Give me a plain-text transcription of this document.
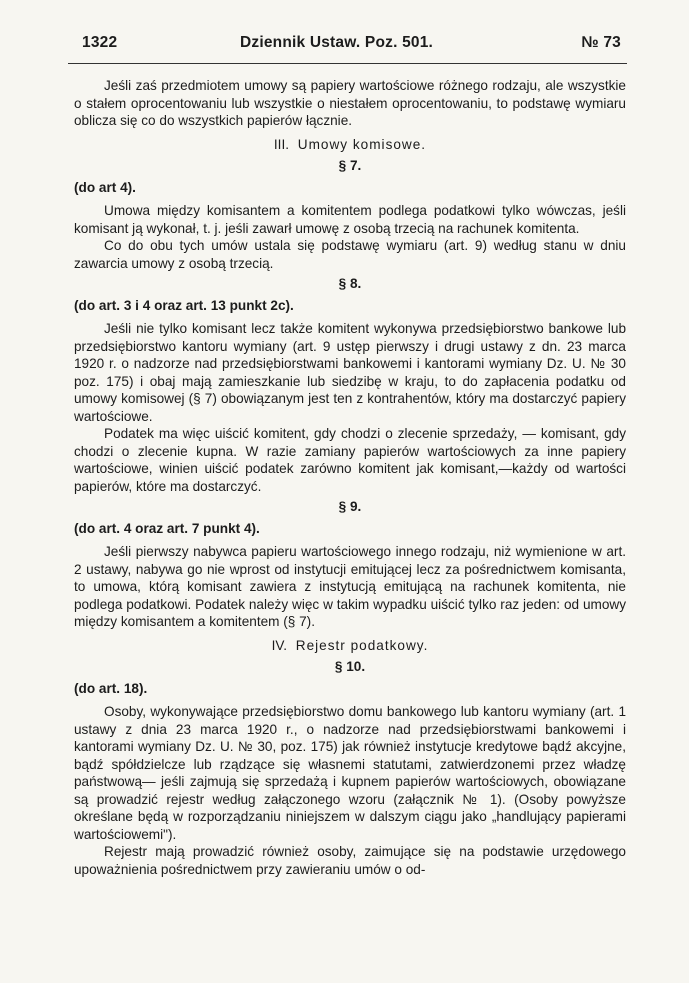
1322	Dziennik Ustaw. Poz. 501.	№ 73

Jeśli zaś przedmiotem umowy są papiery wartościowe różnego rodzaju, ale wszystkie o stałem oprocentowaniu lub wszystkie o niestałem oprocentowaniu, to podstawę wymiaru oblicza się co do wszystkich papierów łącznie.

III. Umowy komisowe.
§ 7.
(do art 4).

Umowa między komisantem a komitentem podlega podatkowi tylko wówczas, jeśli komisant ją wykonał, t. j. jeśli zawarł umowę z osobą trzecią na rachunek komitenta.

Co do obu tych umów ustala się podstawę wymiaru (art. 9) według stanu w dniu zawarcia umowy z osobą trzecią.

§ 8.
(do art. 3 i 4 oraz art. 13 punkt 2c).

Jeśli nie tylko komisant lecz także komitent wykonywa przedsiębiorstwo bankowe lub przedsiębiorstwo kantoru wymiany (art. 9 ustęp pierwszy i drugi ustawy z dn. 23 marca 1920 r. o nadzorze nad przedsiębiorstwami bankowemi i kantorami wymiany Dz. U. № 30 poz. 175) i obaj mają zamieszkanie lub siedzibę w kraju, to do zapłacenia podatku od umowy komisowej (§ 7) obowiązanym jest ten z kontrahentów, który ma dostarczyć papiery wartościowe.

Podatek ma więc uiścić komitent, gdy chodzi o zlecenie sprzedaży, — komisant, gdy chodzi o zlecenie kupna. W razie zamiany papierów wartościowych za inne papiery wartościowe, winien uiścić podatek zarówno komitent jak komisant,—każdy od wartości papierów, które ma dostarczyć.

§ 9.
(do art. 4 oraz art. 7 punkt 4).

Jeśli pierwszy nabywca papieru wartościowego innego rodzaju, niż wymienione w art. 2 ustawy, nabywa go nie wprost od instytucji emitującej lecz za pośrednictwem komisanta, to umowa, którą komisant zawiera z instytucją emitującą na rachunek komitenta, nie podlega podatkowi. Podatek należy więc w takim wypadku uiścić tylko raz jeden: od umowy między komisantem a komitentem (§ 7).

IV. Rejestr podatkowy.
§ 10.
(do art. 18).

Osoby, wykonywające przedsiębiorstwo domu bankowego lub kantoru wymiany (art. 1 ustawy z dnia 23 marca 1920 r., o nadzorze nad przedsiębiorstwami bankowemi i kantorami wymiany Dz. U. № 30, poz. 175) jak również instytucje kredytowe bądź akcyjne, bądź spółdzielcze lub rządzące się własnemi statutami, zatwierdzonemi przez władzę państwową— jeśli zajmują się sprzedażą i kupnem papierów wartościowych, obowiązane są prowadzić rejestr według załączonego wzoru (załącznik № 1). (Osoby powyższe określane będą w rozporządzaniu niniejszem w dalszym ciągu jako „handlujący papierami wartościowemi").

Rejestr mają prowadzić również osoby, zaimujące się na podstawie urzędowego upoważnienia pośrednictwem przy zawieraniu umów o od-
